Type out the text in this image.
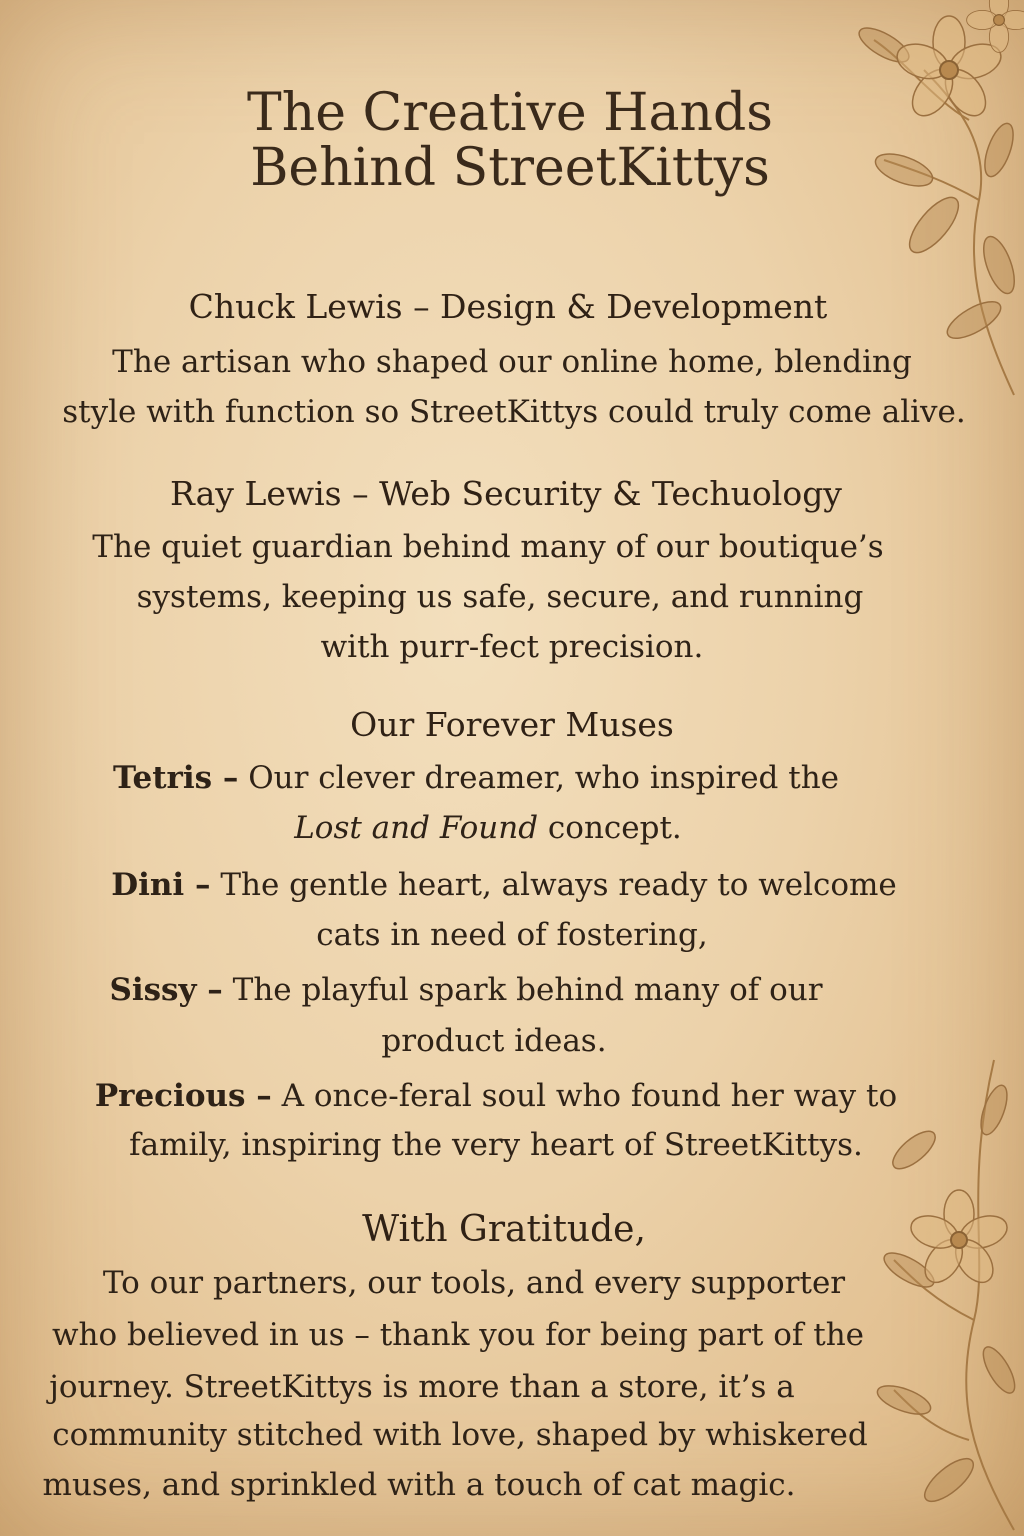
The Creative Hands
Behind StreetKittys
Chuck Lewis – Design & Development
The artisan who shaped our online home, blending
style with function so StreetKittys could truly come alive.
Ray Lewis – Web Security & Techuology
The quiet guardian behind many of our boutique’s
systems, keeping us safe, secure, and running
with purr-fect precision.
Our Forever Muses
Tetris – Our clever dreamer, who inspired the
Lost and Found concept.
Dini – The gentle heart, always ready to welcome
cats in need of fostering,
Sissy – The playful spark behind many of our
product ideas.
Precious – A once-feral soul who found her way to
family, inspiring the very heart of StreetKittys.
With Gratitude,
To our partners, our tools, and every supporter
who believed in us – thank you for being part of the
journey. StreetKittys is more than a store, it’s a
community stitched with love, shaped by whiskered
muses, and sprinkled with a touch of cat magic.
